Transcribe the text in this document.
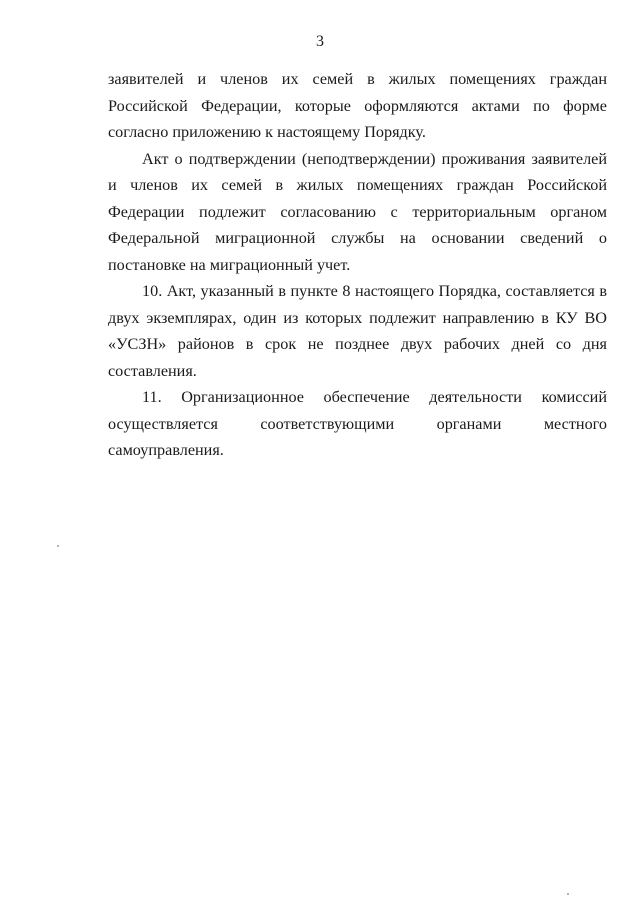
3

заявителей и членов их семей в жилых помещениях граждан Российской Федерации, которые оформляются актами по форме согласно приложению к настоящему Порядку.

Акт о подтверждении (неподтверждении) проживания заявителей и членов их семей в жилых помещениях граждан Российской Федерации подлежит согласованию с территориальным органом Федеральной миграционной службы на основании сведений о постановке на миграционный учет.

10. Акт, указанный в пункте 8 настоящего Порядка, составляется в двух экземплярах, один из которых подлежит направлению в КУ ВО «УСЗН» районов в срок не позднее двух рабочих дней со дня составления.

11. Организационное обеспечение деятельности комиссий осуществляется соответствующими органами местного самоуправления.
